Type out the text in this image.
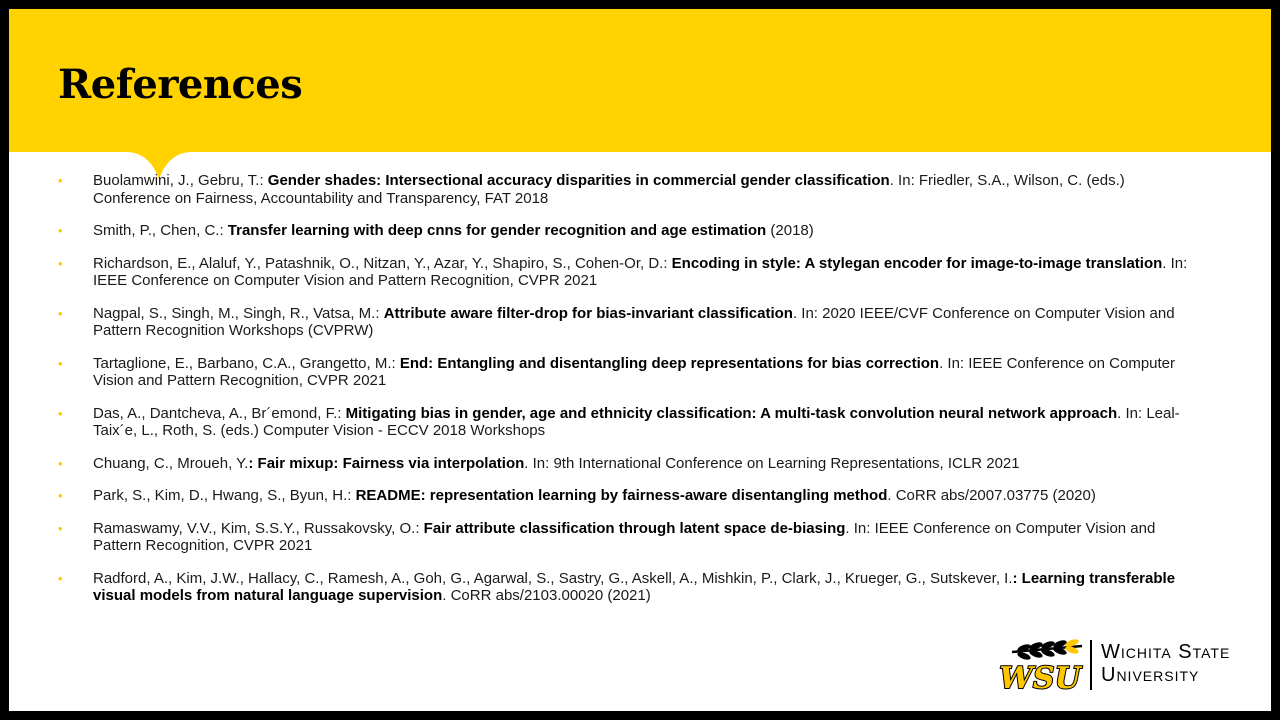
References
• Buolamwini, J., Gebru, T.: Gender shades: Intersectional accuracy disparities in commercial gender classification. In: Friedler, S.A., Wilson, C. (eds.) Conference on Fairness, Accountability and Transparency, FAT 2018
• Smith, P., Chen, C.: Transfer learning with deep cnns for gender recognition and age estimation (2018)
• Richardson, E., Alaluf, Y., Patashnik, O., Nitzan, Y., Azar, Y., Shapiro, S., Cohen-Or, D.: Encoding in style: A stylegan encoder for image-to-image translation. In: IEEE Conference on Computer Vision and Pattern Recognition, CVPR 2021
• Nagpal, S., Singh, M., Singh, R., Vatsa, M.: Attribute aware filter-drop for bias-invariant classification. In: 2020 IEEE/CVF Conference on Computer Vision and Pattern Recognition Workshops (CVPRW)
• Tartaglione, E., Barbano, C.A., Grangetto, M.: End: Entangling and disentangling deep representations for bias correction. In: IEEE Conference on Computer Vision and Pattern Recognition, CVPR 2021
• Das, A., Dantcheva, A., Br´emond, F.: Mitigating bias in gender, age and ethnicity classification: A multi-task convolution neural network approach. In: Leal-Taix´e, L., Roth, S. (eds.) Computer Vision - ECCV 2018 Workshops
• Chuang, C., Mroueh, Y.: Fair mixup: Fairness via interpolation. In: 9th International Conference on Learning Representations, ICLR 2021
• Park, S., Kim, D., Hwang, S., Byun, H.: README: representation learning by fairness-aware disentangling method. CoRR abs/2007.03775 (2020)
• Ramaswamy, V.V., Kim, S.S.Y., Russakovsky, O.: Fair attribute classification through latent space de-biasing. In: IEEE Conference on Computer Vision and Pattern Recognition, CVPR 2021
• Radford, A., Kim, J.W., Hallacy, C., Ramesh, A., Goh, G., Agarwal, S., Sastry, G., Askell, A., Mishkin, P., Clark, J., Krueger, G., Sutskever, I.: Learning transferable visual models from natural language supervision. CoRR abs/2103.00020 (2021)
WSU
Wichita State
University
